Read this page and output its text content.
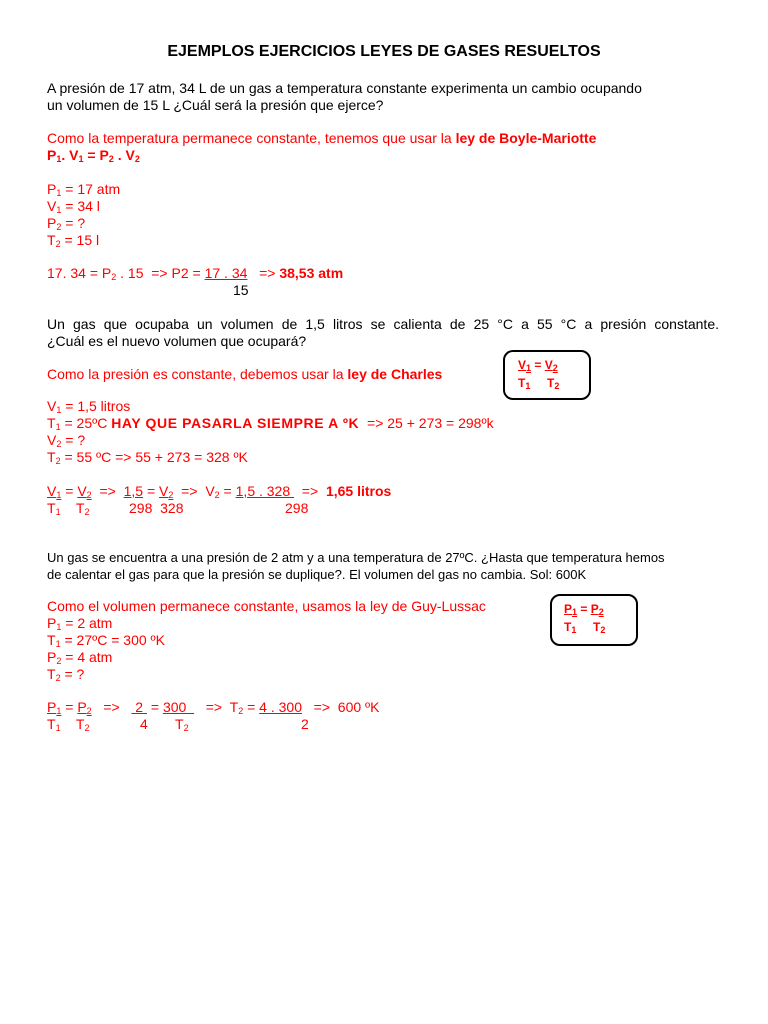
EJEMPLOS EJERCICIOS LEYES DE GASES RESUELTOS
A presión de 17 atm, 34 L de un gas a temperatura constante experimenta un cambio ocupando
un volumen de 15 L ¿Cuál será la presión que ejerce?
Como la temperatura permanece constante, tenemos que usar la ley de Boyle-Mariotte
$P_1$. $V_1 = P_2$ . $V_2$
$P_1 = 17$ atm
$V_1 = 34$ l
$P_2$ = ?
$T_2 = 15$ l
17. $34 = P_2$ . 15  => P2 = 17 . 34   => 38,53 atm
15
Un gas que ocupaba un volumen de 1,5 litros se calienta de 25 °C a 55 °C a presión constante.
¿Cuál es el nuevo volumen que ocupará?
Como la presión es constante, debemos usar la ley de Charles
$V_1 = V_2$
$T_1$ $T_2$
$V_1 = 1,5$ litros
$T_1$ = 25ºC HAY QUE PASARLA SIEMPRE A ºK  => 25 + 273 = 298ºk
$V_2$ = ?
$T_2 = 55$ ºC => 55 + 273 = 328 ºK
$V_1 = V_2 => 1,5 = V_2 => V_2 = 1,5$ . 328   =>  1,65 litros
$T_1$ $T_2$	298  328	298
Un gas se encuentra a una presión de 2 atm y a una temperatura de 27ºC. ¿Hasta que temperatura hemos
de calentar el gas para que la presión se duplique?. El volumen del gas no cambia. Sol: 600K
Como el volumen permanece constante, usamos la ley de Guy-Lussac	$P_1 = P_2$
$T_1$ $T_2$
$P_1 = 2$ atm
$T_1$ = 27ºC = 300 ºK
$P_2 = 4$ atm
$T_2$ = ?
$P_1 = P_2$   =>    2  = 300     =>  $T_2 = 4$ . 300   =>  600 ºK
$T_1$ $T_2$	4 $T_2$	2
